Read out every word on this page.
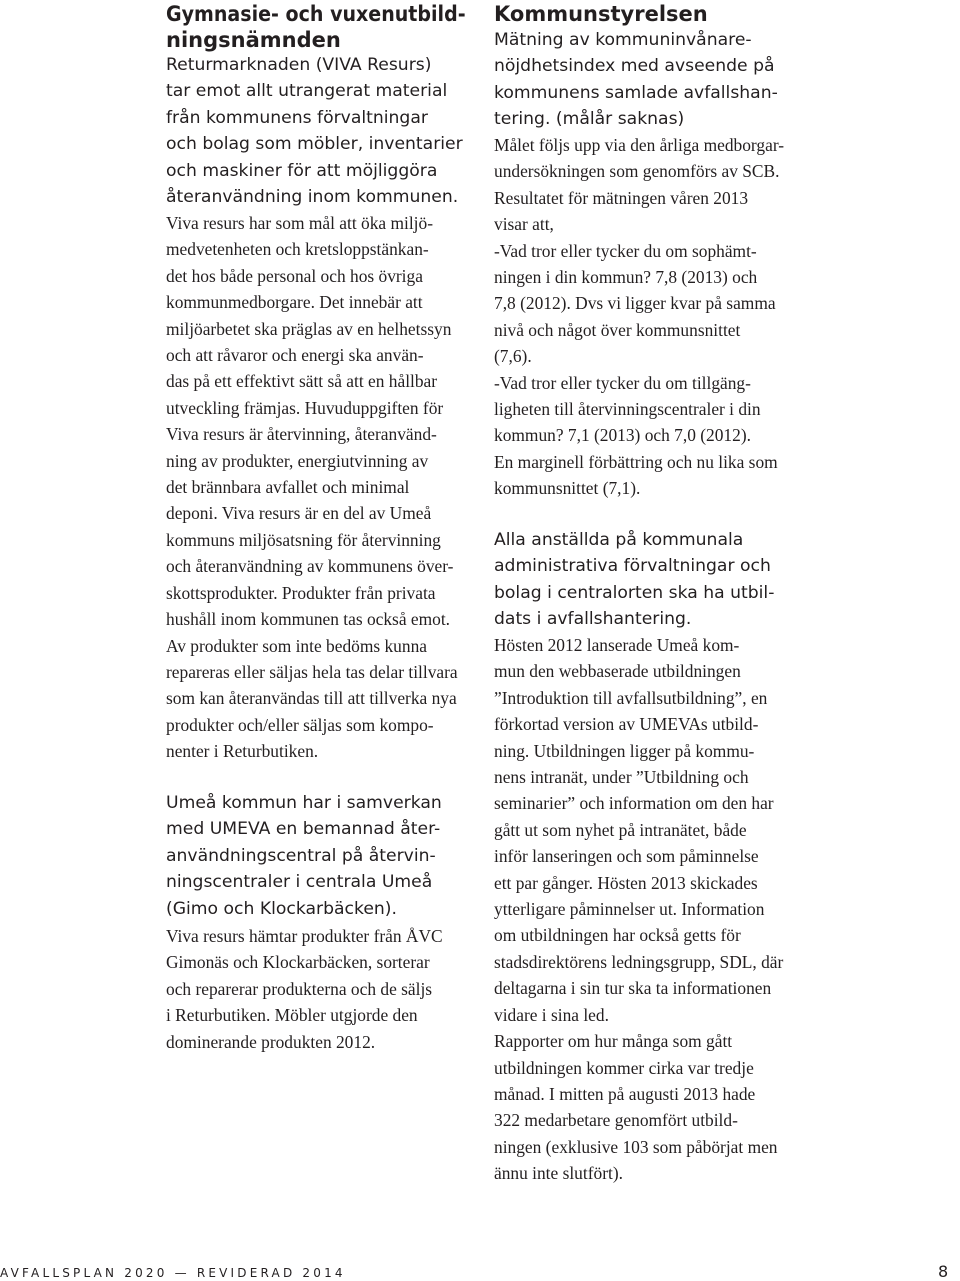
Gymnasie- och vuxenutbild-
ningsnämnden
Returmarknaden (VIVA Resurs)
tar emot allt utrangerat material
från kommunens förvaltningar
och bolag som möbler, inventarier
och maskiner för att möjliggöra
återanvändning inom kommunen.
Viva resurs har som mål att öka miljö-
medvetenheten och kretsloppstänkan-
det hos både personal och hos övriga
kommunmedborgare. Det innebär att
miljöarbetet ska präglas av en helhetssyn
och att råvaror och energi ska använ-
das på ett effektivt sätt så att en hållbar
utveckling främjas. Huvuduppgiften för
Viva resurs är återvinning, återanvänd-
ning av produkter, energiutvinning av
det brännbara avfallet och minimal
deponi. Viva resurs är en del av Umeå
kommuns miljösatsning för återvinning
och återanvändning av kommunens över-
skottsprodukter. Produkter från privata
hushåll inom kommunen tas också emot.
Av produkter som inte bedöms kunna
repareras eller säljas hela tas delar tillvara
som kan återanvändas till att tillverka nya
produkter och/eller säljas som kompo-
nenter i Returbutiken.
Umeå kommun har i samverkan
med UMEVA en bemannad åter-
användningscentral på återvin-
ningscentraler i centrala Umeå
(Gimo och Klockarbäcken).
Viva resurs hämtar produkter från ÅVC
Gimonäs och Klockarbäcken, sorterar
och reparerar produkterna och de säljs
i Returbutiken. Möbler utgjorde den
dominerande produkten 2012.
Kommunstyrelsen
Mätning av kommuninvånare-
nöjdhetsindex med avseende på
kommunens samlade avfallshan-
tering. (målår saknas)
Målet följs upp via den årliga medborgar-
undersökningen som genomförs av SCB.
Resultatet för mätningen våren 2013
visar att,
-Vad tror eller tycker du om sophämt-
ningen i din kommun? 7,8 (2013) och
7,8 (2012). Dvs vi ligger kvar på samma
nivå och något över kommunsnittet
(7,6).
-Vad tror eller tycker du om tillgäng-
ligheten till återvinningscentraler i din
kommun? 7,1 (2013) och 7,0 (2012).
En marginell förbättring och nu lika som
kommunsnittet (7,1).
Alla anställda på kommunala
administrativa förvaltningar och
bolag i centralorten ska ha utbil-
dats i avfallshantering.
Hösten 2012 lanserade Umeå kom-
mun den webbaserade utbildningen
”Introduktion till avfallsutbildning”, en
förkortad version av UMEVAs utbild-
ning. Utbildningen ligger på kommu-
nens intranät, under ”Utbildning och
seminarier” och information om den har
gått ut som nyhet på intranätet, både
inför lanseringen och som påminnelse
ett par gånger. Hösten 2013 skickades
ytterligare påminnelser ut. Information
om utbildningen har också getts för
stadsdirektörens ledningsgrupp, SDL, där
deltagarna i sin tur ska ta informationen
vidare i sina led.
Rapporter om hur många som gått
utbildningen kommer cirka var tredje
månad. I mitten på augusti 2013 hade
322 medarbetare genomfört utbild-
ningen (exklusive 103 som påbörjat men
ännu inte slutfört).
AVFALLSPLAN 2020 — REVIDERAD 2014	8
